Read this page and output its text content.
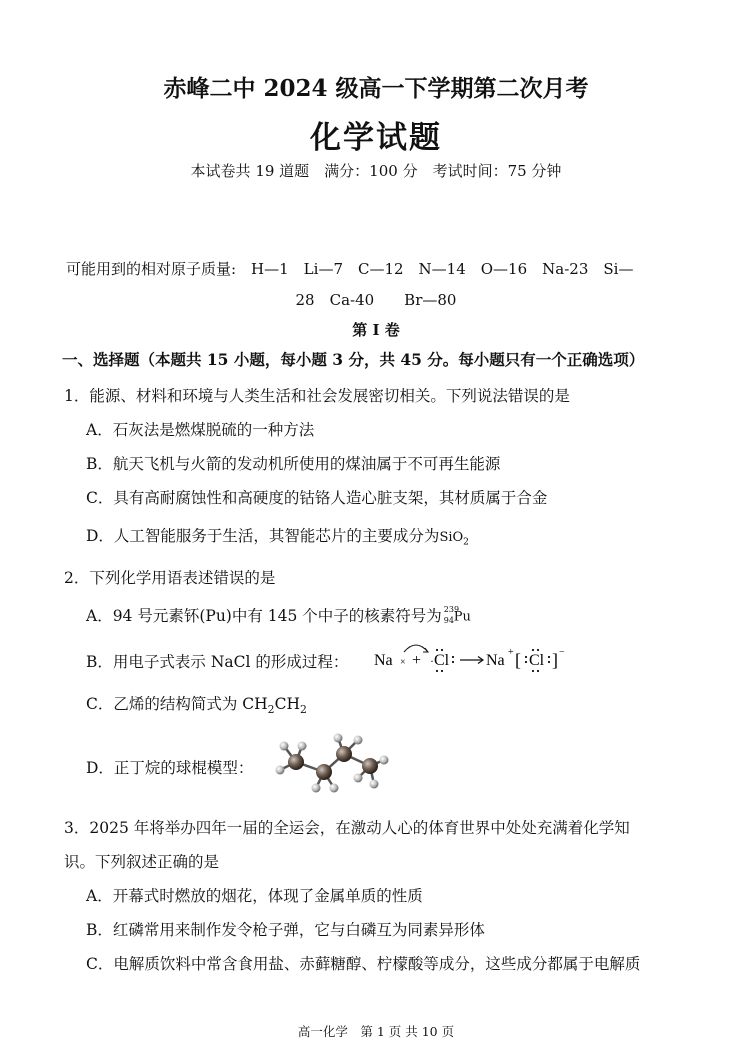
赤峰二中 2024 级高一下学期第二次月考
化学试题
本试卷共 19 道题　满分：100 分　考试时间：75 分钟
可能用到的相对原子质量:　H—1　Li—7　C—12　N—14　O—16　Na-23　Si—
28　Ca-40　　Br—80
第 I 卷
一、选择题（本题共 15 小题，每小题 3 分，共 45 分。每小题只有一个正确选项）
1．能源、材料和环境与人类生活和社会发展密切相关。下列说法错误的是
A．石灰法是燃煤脱硫的一种方法
B．航天飞机与火箭的发动机所使用的煤油属于不可再生能源
C．具有高耐腐蚀性和高硬度的钴铬人造心脏支架，其材质属于合金
D．人工智能服务于生活，其智能芯片的主要成分为SiO$_2$
2．下列化学用语表述错误的是
A．94 号元素钚(Pu)中有 145 个中子的核素符号为 239
94 Pu
B．用电子式表示 NaCl 的形成过程： Na × + · Cl Na + [ Cl ] −
C．乙烯的结构简式为 $CH_2CH_2$
D．正丁烷的球棍模型：
3．2025 年将举办四年一届的全运会，在激动人心的体育世界中处处充满着化学知
识。下列叙述正确的是
A．开幕式时燃放的烟花，体现了金属单质的性质
B．红磷常用来制作发令枪子弹，它与白磷互为同素异形体
C．电解质饮料中常含食用盐、赤藓糖醇、柠檬酸等成分，这些成分都属于电解质
高一化学　第 1 页 共 10 页
